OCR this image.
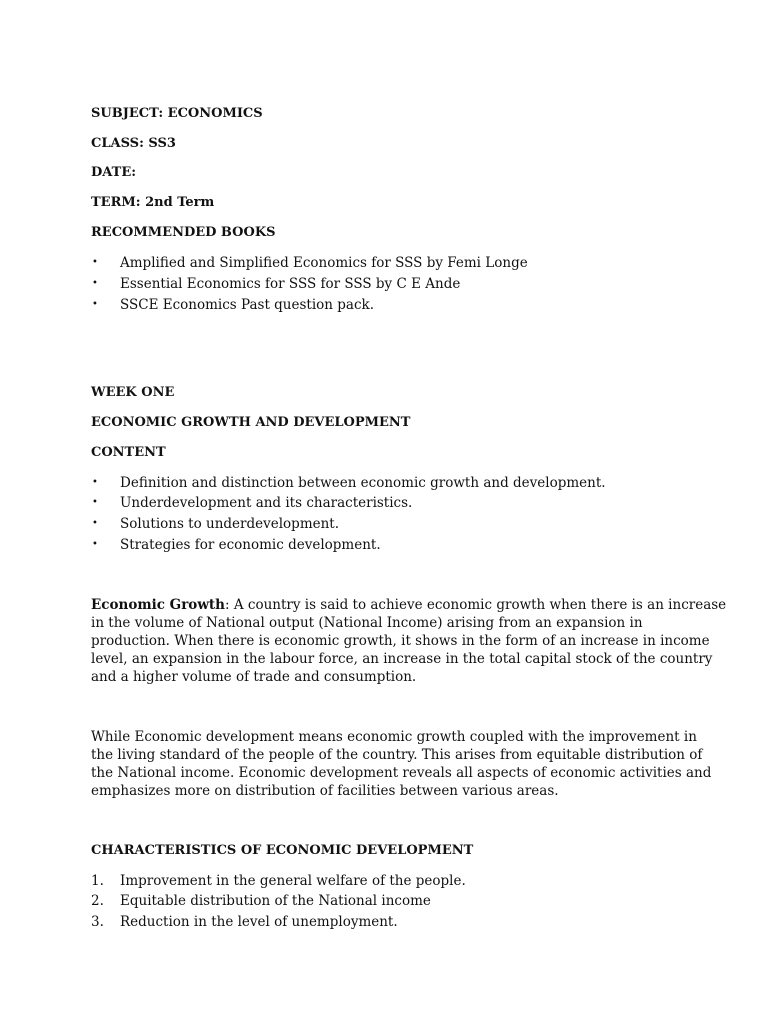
SUBJECT: ECONOMICS
CLASS: SS3
DATE:
TERM: 2nd Term
RECOMMENDED BOOKS
• Amplified and Simplified Economics for SSS by Femi Longe
• Essential Economics for SSS for SSS by C E Ande
• SSCE Economics Past question pack.
WEEK ONE
ECONOMIC GROWTH AND DEVELOPMENT
CONTENT
• Definition and distinction between economic growth and development.
• Underdevelopment and its characteristics.
• Solutions to underdevelopment.
• Strategies for economic development.
Economic Growth: A country is said to achieve economic growth when there is an increase
in the volume of National output (National Income) arising from an expansion in
production. When there is economic growth, it shows in the form of an increase in income
level, an expansion in the labour force, an increase in the total capital stock of the country
and a higher volume of trade and consumption.
While Economic development means economic growth coupled with the improvement in
the living standard of the people of the country. This arises from equitable distribution of
the National income. Economic development reveals all aspects of economic activities and
emphasizes more on distribution of facilities between various areas.
CHARACTERISTICS OF ECONOMIC DEVELOPMENT
1. Improvement in the general welfare of the people.
2. Equitable distribution of the National income
3. Reduction in the level of unemployment.
